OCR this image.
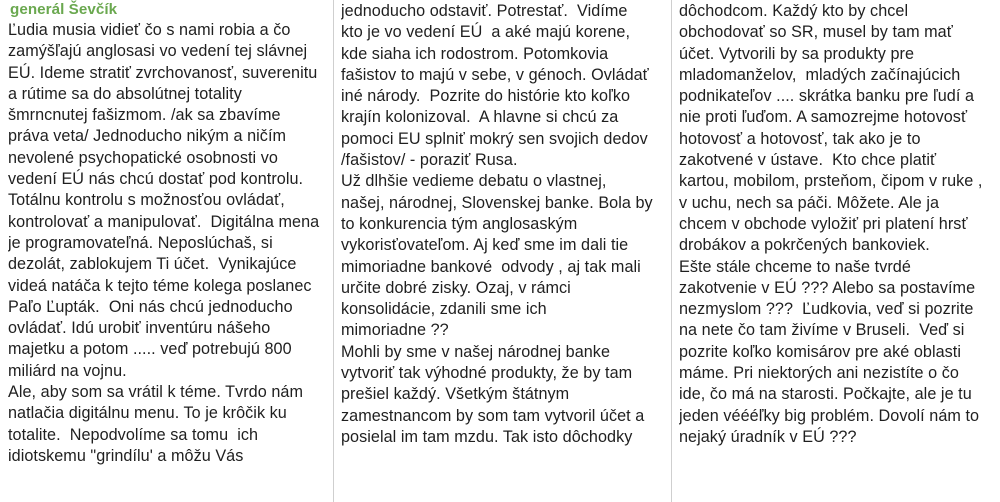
generál Ševčík
Ľudia musia vidieť čo s nami robia a čo
zamýšľajú anglosasi vo vedení tej slávnej
EÚ. Ideme stratiť zvrchovanosť, suverenitu
a rútime sa do absolútnej totality
šmrncnutej fašizmom. /ak sa zbavíme
práva veta/ Jednoducho nikým a ničím
nevolené psychopatické osobnosti vo
vedení EÚ nás chcú dostať pod kontrolu.
Totálnu kontrolu s možnosťou ovládať,
kontrolovať a manipulovať.  Digitálna mena
je programovateľná. Neposlúchaš, si
dezolát, zablokujem Ti účet.  Vynikajúce
videá natáča k tejto téme kolega poslanec
Paľo Ľupták.  Oni nás chcú jednoducho
ovládať. Idú urobiť inventúru nášeho
majetku a potom ..... veď potrebujú 800
miliárd na vojnu.
Ale, aby som sa vrátil k téme. Tvrdo nám
natlačia digitálnu menu. To je krôčik ku
totalite.  Nepodvolíme sa tomu  ich
idiotskemu "grindílu' a môžu Vás
jednoducho odstaviť. Potrestať.  Vidíme
kto je vo vedení EÚ  a aké majú korene,
kde siaha ich rodostrom. Potomkovia
fašistov to majú v sebe, v génoch. Ovládať
iné národy.  Pozrite do histórie kto koľko
krajín kolonizoval.  A hlavne si chcú za
pomoci EU splniť mokrý sen svojich dedov
/fašistov/ - poraziť Rusa.
Už dlhšie vedieme debatu o vlastnej,
našej, národnej, Slovenskej banke. Bola by
to konkurencia tým anglosaským
vykorisťovateľom. Aj keď sme im dali tie
mimoriadne bankové  odvody , aj tak mali
určite dobré zisky. Ozaj, v rámci
konsolidácie, zdanili sme ich
mimoriadne ??
Mohli by sme v našej národnej banke
vytvoriť tak výhodné produkty, že by tam
prešiel každý. Všetkým štátnym
zamestnancom by som tam vytvoril účet a
posielal im tam mzdu. Tak isto dôchodky
dôchodcom. Každý kto by chcel
obchodovať so SR, musel by tam mať
účet. Vytvorili by sa produkty pre
mladomanželov,  mladých začínajúcich
podnikateľov .... skrátka banku pre ľudí a
nie proti ľuďom. A samozrejme hotovosť
hotovosť a hotovosť, tak ako je to
zakotvené v ústave.  Kto chce platiť
kartou, mobilom, prsteňom, čipom v ruke ,
v uchu, nech sa páči. Môžete. Ale ja
chcem v obchode vyložiť pri platení hrsť
drobákov a pokrčených bankoviek.
Ešte stále chceme to naše tvrdé
zakotvenie v EÚ ??? Alebo sa postavíme
nezmyslom ???  Ľudkovia, veď si pozrite
na nete čo tam živíme v Bruseli.  Veď si
pozrite koľko komisárov pre aké oblasti
máme. Pri niektorých ani nezistíte o čo
ide, čo má na starosti. Počkajte, ale je tu
jeden véééľky big problém. Dovolí nám to
nejaký úradník v EÚ ???
